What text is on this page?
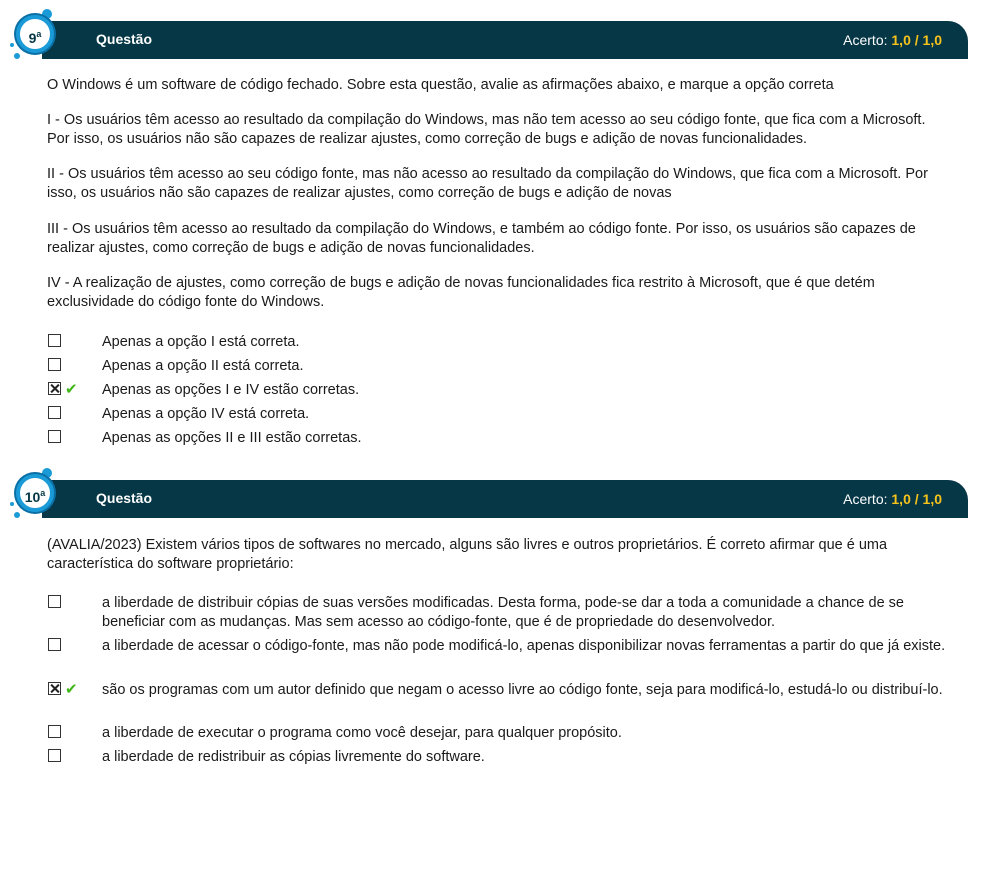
Questão	Acerto: 1,0 / 1,0
9$^a$

O Windows é um software de código fechado. Sobre esta questão, avalie as afirmações abaixo, e marque a opção correta

I - Os usuários têm acesso ao resultado da compilação do Windows, mas não tem acesso ao seu código fonte, que fica com a Microsoft. Por isso, os usuários não são capazes de realizar ajustes, como correção de bugs e adição de novas funcionalidades.

II - Os usuários têm acesso ao seu código fonte, mas não acesso ao resultado da compilação do Windows, que fica com a Microsoft. Por isso, os usuários não são capazes de realizar ajustes, como correção de bugs e adição de novas

III - Os usuários têm acesso ao resultado da compilação do Windows, e também ao código fonte. Por isso, os usuários são capazes de realizar ajustes, como correção de bugs e adição de novas funcionalidades.

IV - A realização de ajustes, como correção de bugs e adição de novas funcionalidades fica restrito à Microsoft, que é que detém exclusividade do código fonte do Windows.

Apenas a opção I está correta.
Apenas a opção II está correta.
✔ Apenas as opções I e IV estão corretas.
Apenas a opção IV está correta.
Apenas as opções II e III estão corretas.
Questão	Acerto: 1,0 / 1,0
10$^a$

(AVALIA/2023) Existem vários tipos de softwares no mercado, alguns são livres e outros proprietários. É correto afirmar que é uma característica do software proprietário:

a liberdade de distribuir cópias de suas versões modificadas. Desta forma, pode-se dar a toda a comunidade a chance de se beneficiar com as mudanças. Mas sem acesso ao código-fonte, que é de propriedade do desenvolvedor.
a liberdade de acessar o código-fonte, mas não pode modificá-lo, apenas disponibilizar novas ferramentas a partir do que já existe.
✔ são os programas com um autor definido que negam o acesso livre ao código fonte, seja para modificá-lo, estudá-lo ou distribuí-lo.
a liberdade de executar o programa como você desejar, para qualquer propósito.
a liberdade de redistribuir as cópias livremente do software.
